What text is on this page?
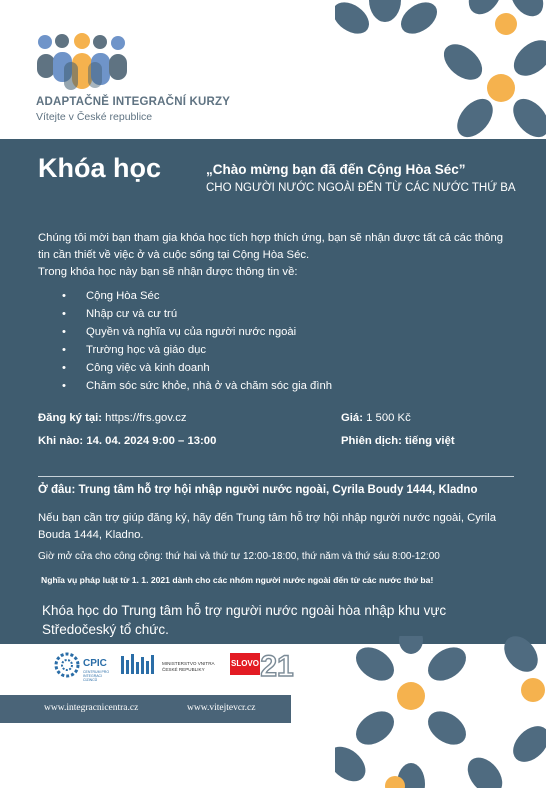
ADAPTAČNĚ INTEGRAČNÍ KURZY
Vítejte v České republice
Khóa học	„Chào mừng bạn đã đến Cộng Hòa Séc”
CHO NGƯỜI NƯỚC NGOÀI ĐẾN TỪ CÁC NƯỚC THỨ BA

Chúng tôi mời bạn tham gia khóa học tích hợp thích ứng, bạn sẽ nhận được tất cả các thông tin cần thiết về việc ở và cuộc sống tại Cộng Hòa Séc.

Trong khóa học này bạn sẽ nhận được thông tin về:

• Cộng Hòa Séc
• Nhập cư và cư trú
• Quyền và nghĩa vụ của người nước ngoài
• Trường học và giáo dục
• Công việc và kinh doanh
• Chăm sóc sức khỏe, nhà ở và chăm sóc gia đình
Đăng ký tại: https://frs.gov.cz	Giá: 1 500 Kč
Khi nào: 14. 04. 2024 9:00 – 13:00	Phiên dịch: tiếng việt
Ở đâu: Trung tâm hỗ trợ hội nhập người nước ngoài, Cyrila Boudy 1444, Kladno
Nếu bạn cần trợ giúp đăng ký, hãy đến Trung tâm hỗ trợ hội nhập người nước ngoài, Cyrila Bouda 1444, Kladno.
Giờ mở cửa cho công cộng: thứ hai và thứ tư 12:00-18:00, thứ năm và thứ sáu 8:00-12:00
Nghĩa vụ pháp luật từ 1. 1. 2021 dành cho các nhóm người nước ngoài đến từ các nước thứ ba!
Khóa học do Trung tâm hỗ trợ người nước ngoài hòa nhập khu vực Středočeský tổ chức.
CPIC
CENTRUM PRO INTEGRACI CIZINCŮ
MINISTERSTVO VNITRA
ČESKÉ REPUBLIKY
SLOVO 21
www.integracnicentra.cz	www.vitejtevcr.cz
